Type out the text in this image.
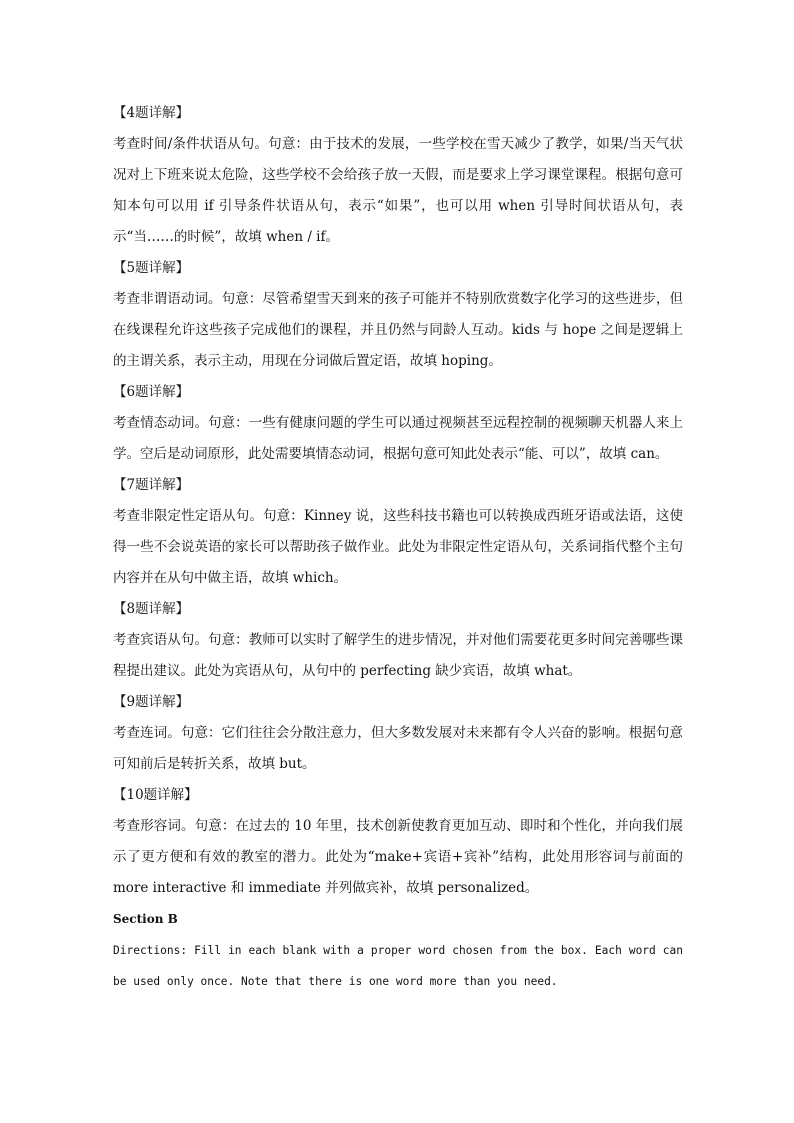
【4题详解】
考查时间/条件状语从句。句意：由于技术的发展，一些学校在雪天减少了教学，如果/当天气状况对上下班来说太危险，这些学校不会给孩子放一天假，而是要求上学习课堂课程。根据句意可知本句可以用 if 引导条件状语从句，表示“如果”，也可以用 when 引导时间状语从句，表示“当……的时候”，故填 when / if。
【5题详解】
考查非谓语动词。句意：尽管希望雪天到来的孩子可能并不特别欣赏数字化学习的这些进步，但在线课程允许这些孩子完成他们的课程，并且仍然与同龄人互动。kids 与 hope 之间是逻辑上的主谓关系，表示主动，用现在分词做后置定语，故填 hoping。
【6题详解】
考查情态动词。句意：一些有健康问题的学生可以通过视频甚至远程控制的视频聊天机器人来上学。空后是动词原形，此处需要填情态动词，根据句意可知此处表示“能、可以”，故填 can。
【7题详解】
考查非限定性定语从句。句意：Kinney 说，这些科技书籍也可以转换成西班牙语或法语，这使得一些不会说英语的家长可以帮助孩子做作业。此处为非限定性定语从句，关系词指代整个主句内容并在从句中做主语，故填 which。
【8题详解】
考查宾语从句。句意：教师可以实时了解学生的进步情况，并对他们需要花更多时间完善哪些课程提出建议。此处为宾语从句，从句中的 perfecting 缺少宾语，故填 what。
【9题详解】
考查连词。句意：它们往往会分散注意力，但大多数发展对未来都有令人兴奋的影响。根据句意可知前后是转折关系，故填 but。
【10题详解】
考查形容词。句意：在过去的 10 年里，技术创新使教育更加互动、即时和个性化，并向我们展示了更方便和有效的教室的潜力。此处为“make+宾语+宾补”结构，此处用形容词与前面的 more interactive 和 immediate 并列做宾补，故填 personalized。
Section B
Directions: Fill in each blank with a proper word chosen from the box. Each word can be used only once. Note that there is one word more than you need.
